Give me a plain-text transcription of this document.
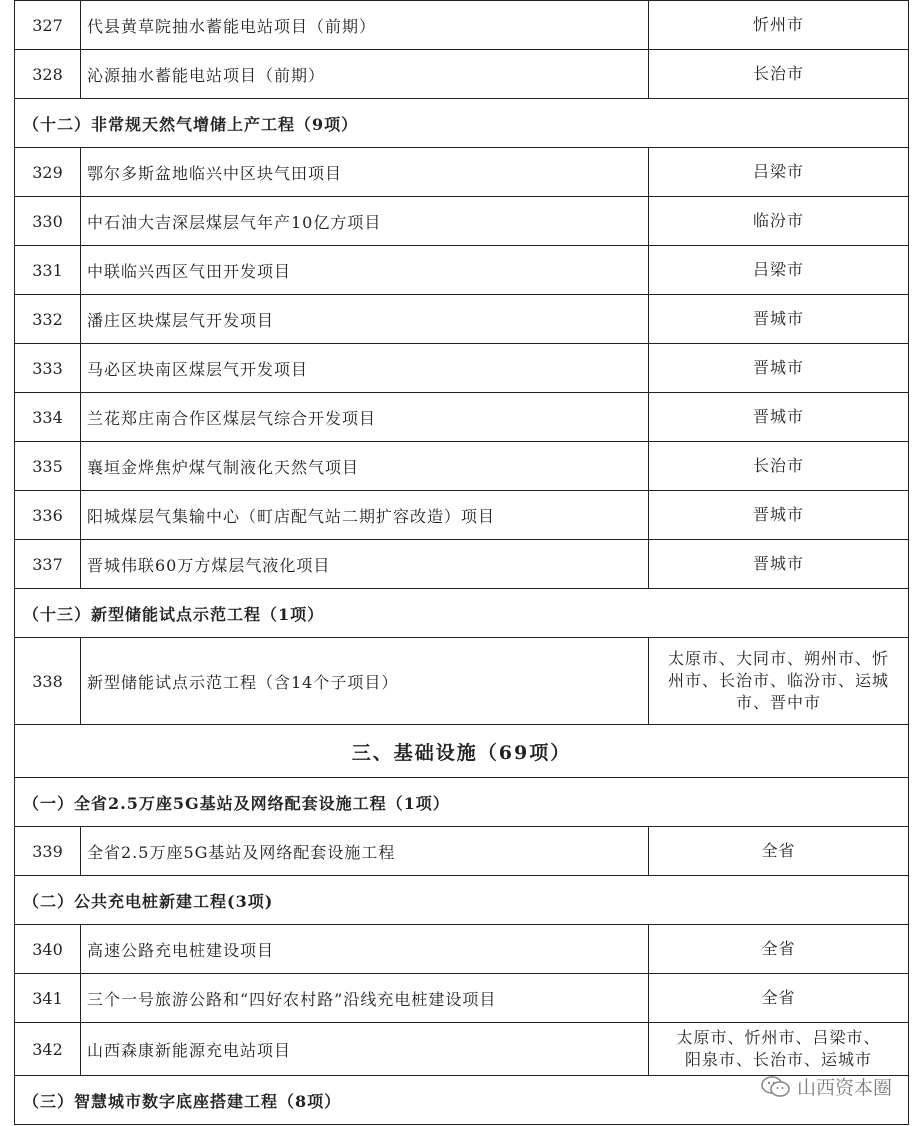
327	代县黄草院抽水蓄能电站项目（前期）	忻州市
328	沁源抽水蓄能电站项目（前期）	长治市
（十二）非常规天然气增储上产工程（9项）		
329	鄂尔多斯盆地临兴中区块气田项目	吕梁市
330	中石油大吉深层煤层气年产10亿方项目	临汾市
331	中联临兴西区气田开发项目	吕梁市
332	潘庄区块煤层气开发项目	晋城市
333	马必区块南区煤层气开发项目	晋城市
334	兰花郑庄南合作区煤层气综合开发项目	晋城市
335	襄垣金烨焦炉煤气制液化天然气项目	长治市
336	阳城煤层气集输中心（町店配气站二期扩容改造）项目	晋城市
337	晋城伟联60万方煤层气液化项目	晋城市
（十三）新型储能试点示范工程（1项）		
338	新型储能试点示范工程（含14个子项目）	太原市、大同市、朔州市、忻州市、长治市、临汾市、运城市、晋中市
三、基础设施（69项）		
（一）全省2.5万座5G基站及网络配套设施工程（1项）		
339	全省2.5万座5G基站及网络配套设施工程	全省
（二）公共充电桩新建工程(3项)		
340	高速公路充电桩建设项目	全省
341	三个一号旅游公路和“四好农村路”沿线充电桩建设项目	全省
342	山西森康新能源充电站项目	太原市、忻州市、吕梁市、阳泉市、长治市、运城市
（三）智慧城市数字底座搭建工程（8项）		
山西资本圈
